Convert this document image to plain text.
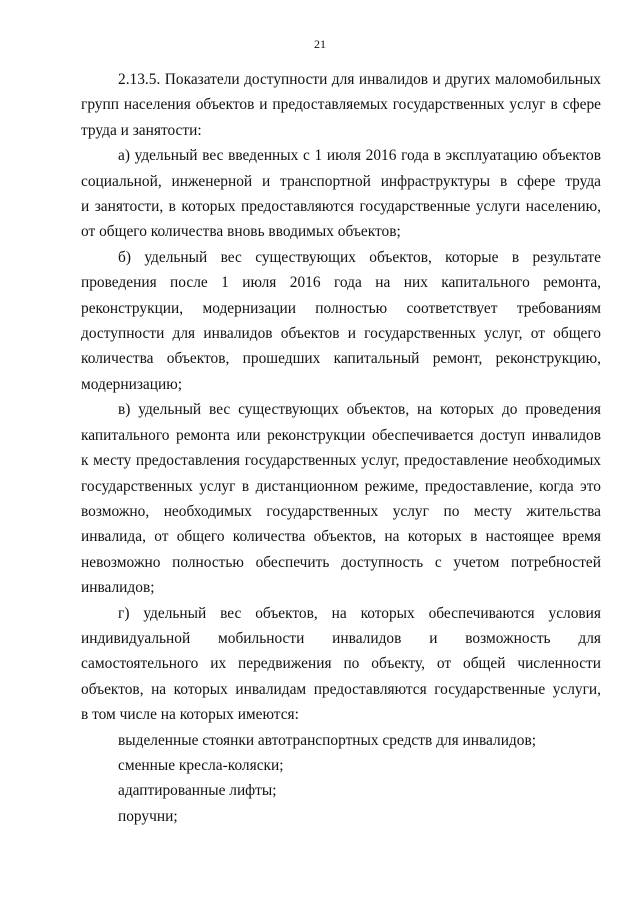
21
2.13.5. Показатели доступности для инвалидов и других маломобильных
групп населения объектов и предоставляемых государственных услуг в сфере
труда и занятости:
а) удельный вес введенных с 1 июля 2016 года в эксплуатацию объектов
социальной, инженерной и транспортной инфраструктуры в сфере труда
и занятости, в которых предоставляются государственные услуги населению,
от общего количества вновь вводимых объектов;
б) удельный вес существующих объектов, которые в результате
проведения после 1 июля 2016 года на них капитального ремонта,
реконструкции, модернизации полностью соответствует требованиям
доступности для инвалидов объектов и государственных услуг, от общего
количества объектов, прошедших капитальный ремонт, реконструкцию,
модернизацию;
в) удельный вес существующих объектов, на которых до проведения
капитального ремонта или реконструкции обеспечивается доступ инвалидов
к месту предоставления государственных услуг, предоставление необходимых
государственных услуг в дистанционном режиме, предоставление, когда это
возможно, необходимых государственных услуг по месту жительства
инвалида, от общего количества объектов, на которых в настоящее время
невозможно полностью обеспечить доступность с учетом потребностей
инвалидов;
г) удельный вес объектов, на которых обеспечиваются условия
индивидуальной мобильности инвалидов и возможность для
самостоятельного их передвижения по объекту, от общей численности
объектов, на которых инвалидам предоставляются государственные услуги,
в том числе на которых имеются:
выделенные стоянки автотранспортных средств для инвалидов;
сменные кресла-коляски;
адаптированные лифты;
поручни;
